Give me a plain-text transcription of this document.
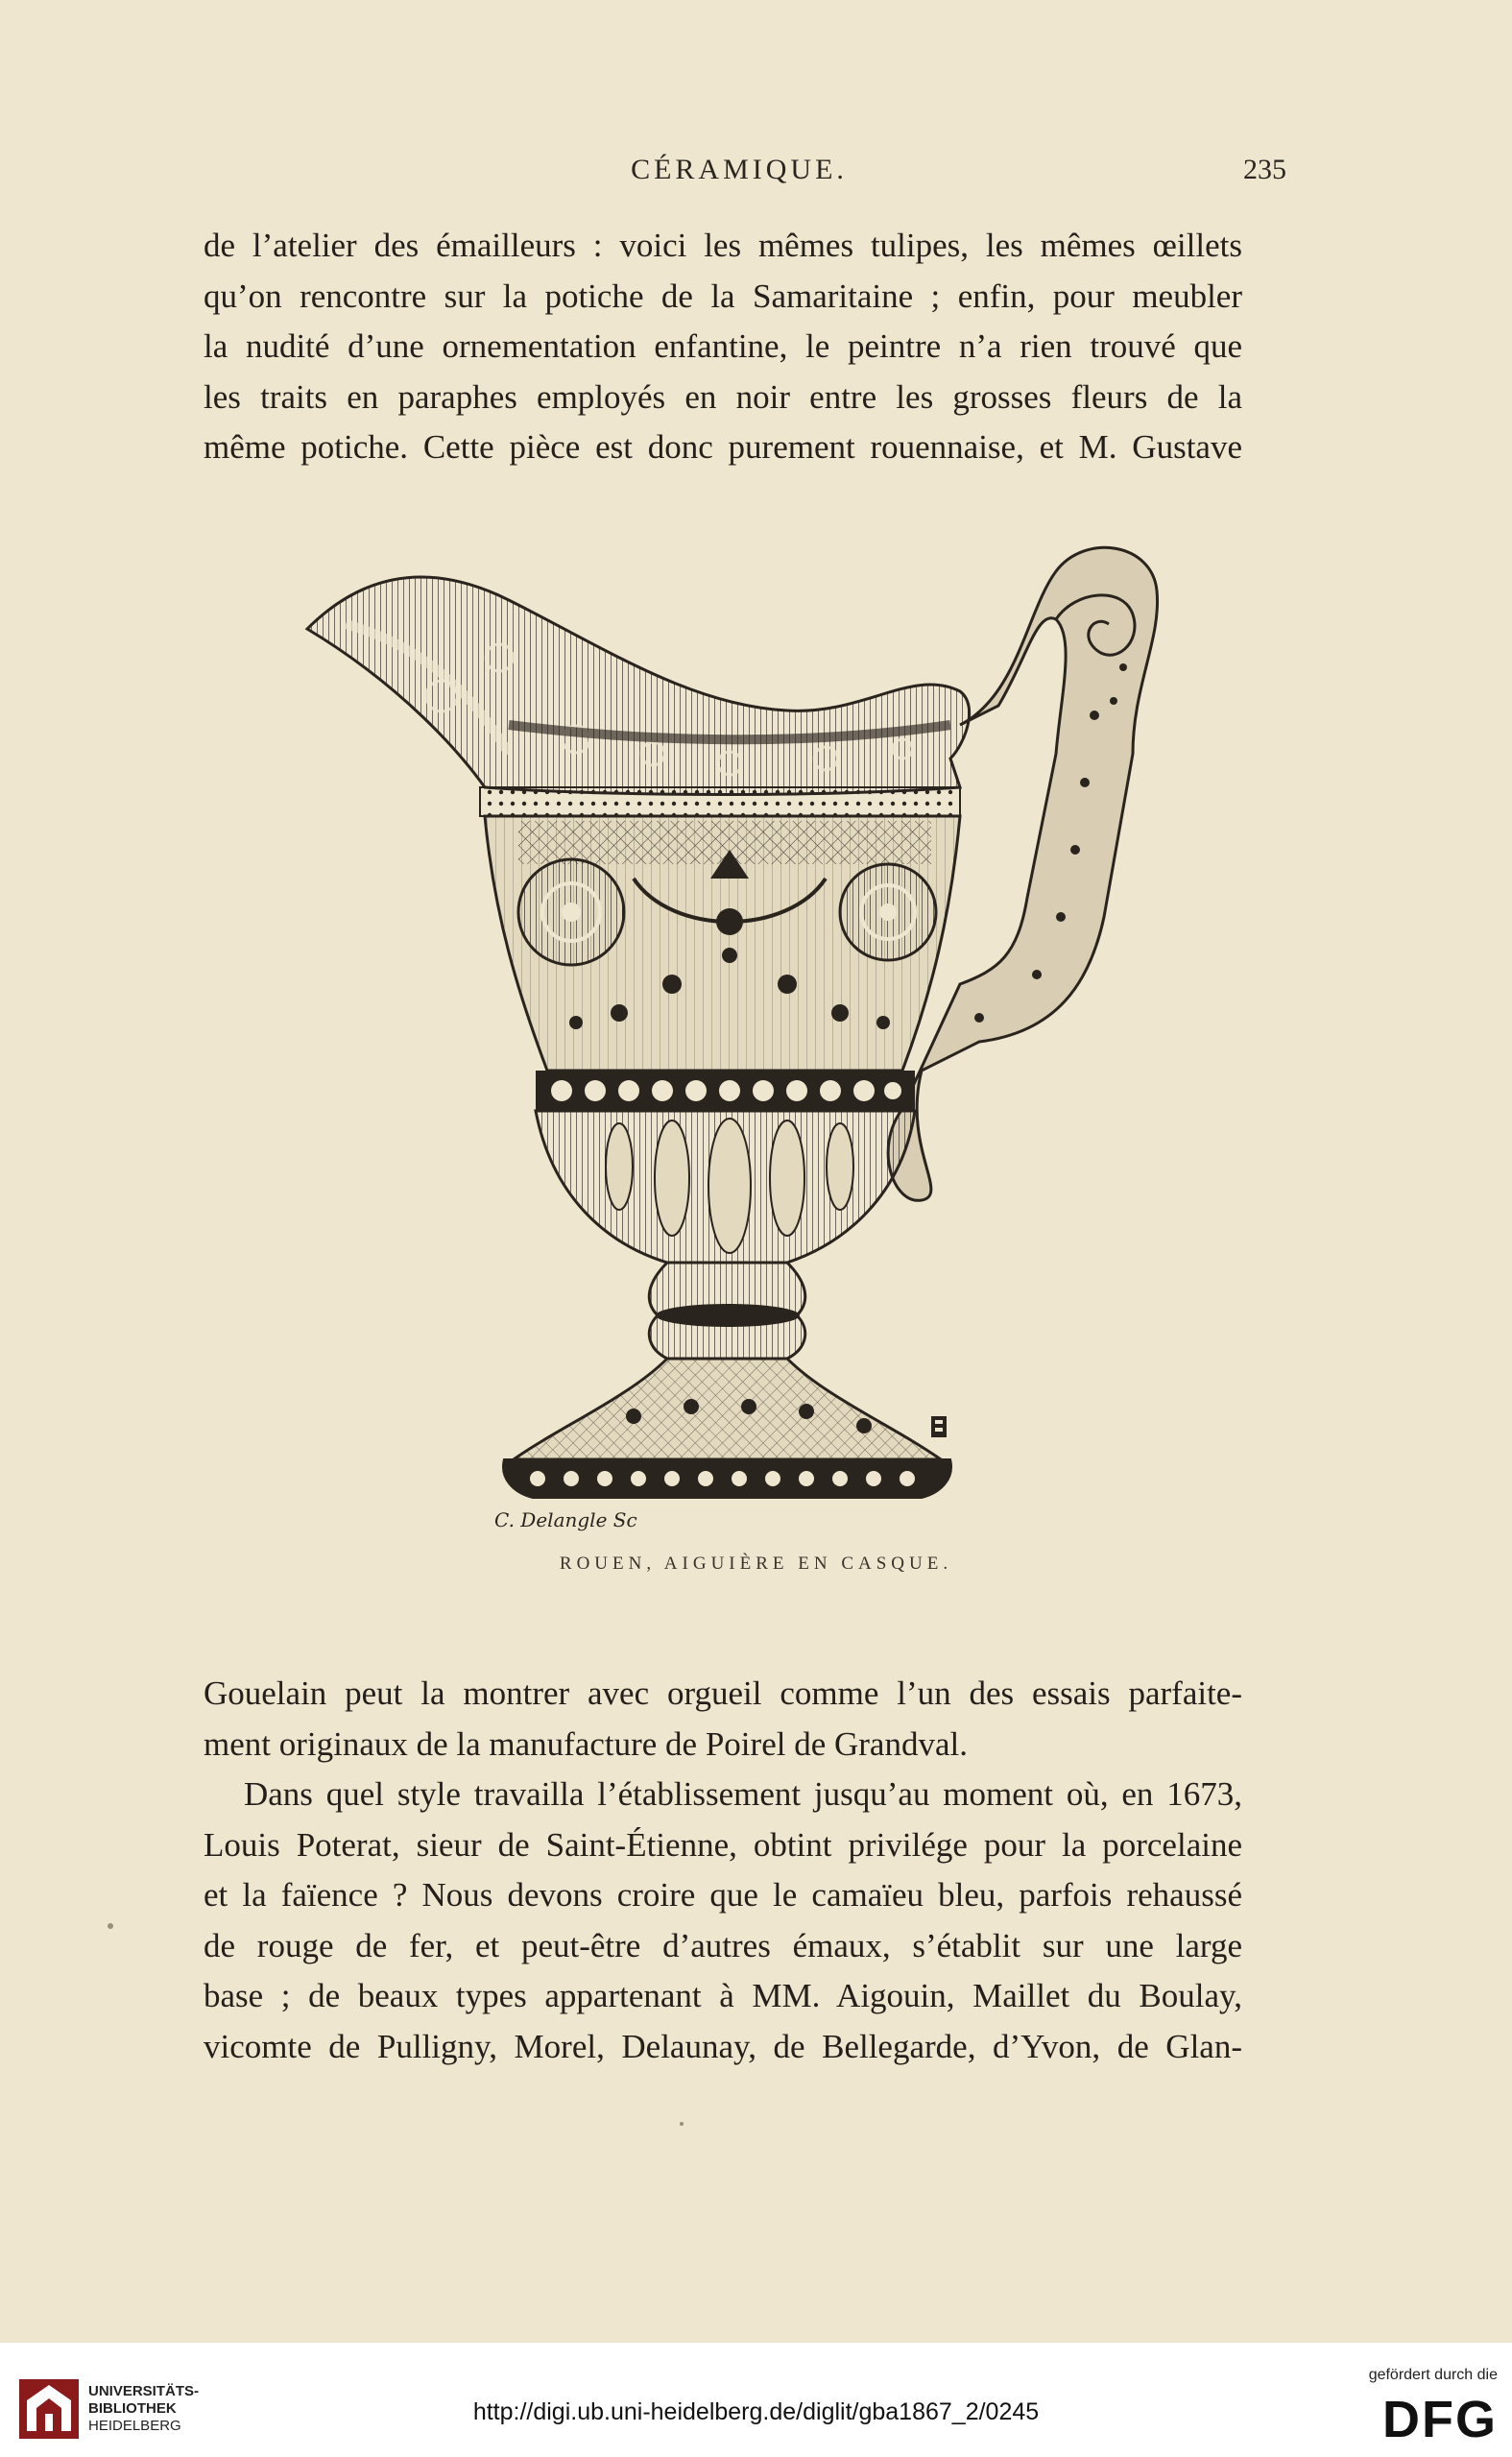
CÉRAMIQUE.	235

de l’atelier des émailleurs : voici les mêmes tulipes, les mêmes œillets
qu’on rencontre sur la potiche de la Samaritaine ; enfin, pour meubler
la nudité d’une ornementation enfantine, le peintre n’a rien trouvé que
les traits en paraphes employés en noir entre les grosses fleurs de la
même potiche. Cette pièce est donc purement rouennaise, et M. Gustave

C. Delangle Sc
ROUEN, AIGUIÈRE EN CASQUE.

Gouelain peut la montrer avec orgueil comme l’un des essais parfaite-
ment originaux de la manufacture de Poirel de Grandval.
Dans quel style travailla l’établissement jusqu’au moment où, en 1673,
Louis Poterat, sieur de Saint-Étienne, obtint privilége pour la porcelaine
et la faïence ? Nous devons croire que le camaïeu bleu, parfois rehaussé
de rouge de fer, et peut-être d’autres émaux, s’établit sur une large
base ; de beaux types appartenant à MM. Aigouin, Maillet du Boulay,
vicomte de Pulligny, Morel, Delaunay, de Bellegarde, d’Yvon, de Glan-

UNIVERSITÄTS-
BIBLIOTHEK
HEIDELBERG
http://digi.ub.uni-heidelberg.de/diglit/gba1867_2/0245
gefördert durch die
DFG
